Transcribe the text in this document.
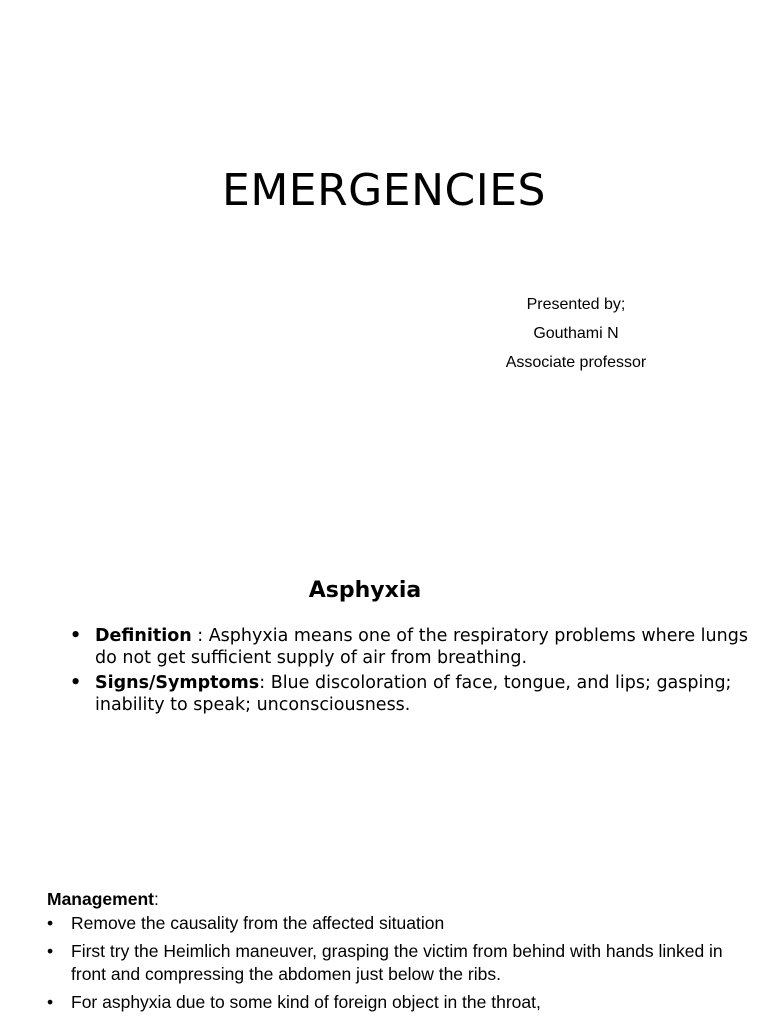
EMERGENCIES
Presented by;
Gouthami N
Associate professor
Asphyxia
• Definition : Asphyxia means one of the respiratory problems where lungs do not get sufficient supply of air from breathing.
• Signs/Symptoms: Blue discoloration of face, tongue, and lips; gasping; inability to speak; unconsciousness.
Management:
• Remove the causality from the affected situation
• First try the Heimlich maneuver, grasping the victim from behind with hands linked in front and compressing the abdomen just below the ribs.
• For asphyxia due to some kind of foreign object in the throat,
